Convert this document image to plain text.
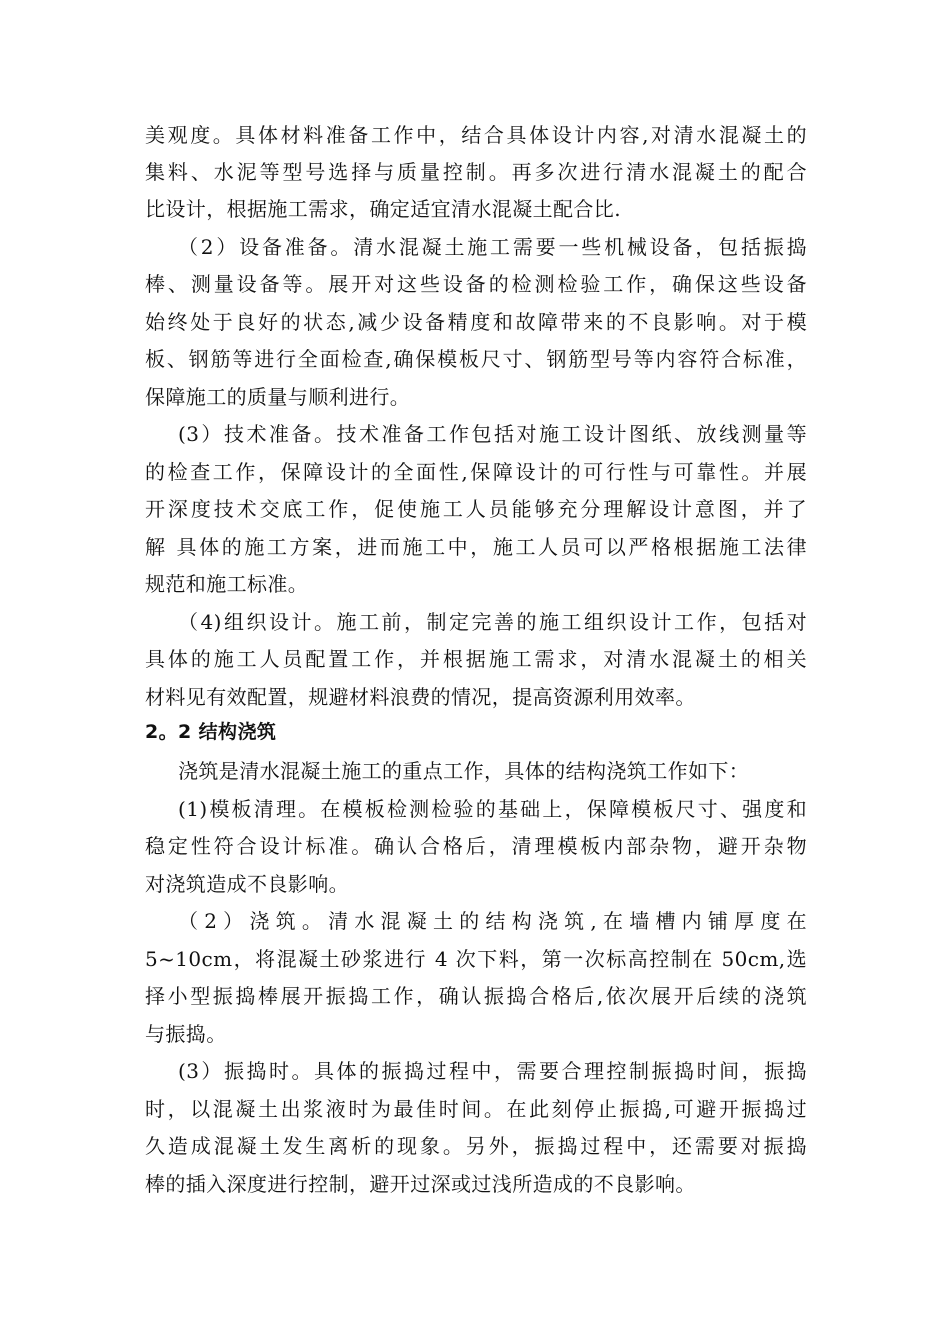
美观度。具体材料准备工作中，结合具体设计内容,对清水混凝土的
集料、水泥等型号选择与质量控制。再多次进行清水混凝土的配合
比设计，根据施工需求，确定适宜清水混凝土配合比.
（2）设备准备。清水混凝土施工需要一些机械设备，包括振捣
棒、测量设备等。展开对这些设备的检测检验工作，确保这些设备
始终处于良好的状态,减少设备精度和故障带来的不良影响。对于模
板、钢筋等进行全面检查,确保模板尺寸、钢筋型号等内容符合标准，
保障施工的质量与顺利进行。
(3）技术准备。技术准备工作包括对施工设计图纸、放线测量等
的检查工作，保障设计的全面性,保障设计的可行性与可靠性。并展
开深度技术交底工作，促使施工人员能够充分理解设计意图，并了
解 具体的施工方案，进而施工中，施工人员可以严格根据施工法律
规范和施工标准。
（4)组织设计。施工前，制定完善的施工组织设计工作，包括对
具体的施工人员配置工作，并根据施工需求，对清水混凝土的相关
材料见有效配置，规避材料浪费的情况，提高资源利用效率。
2。2 结构浇筑
浇筑是清水混凝土施工的重点工作，具体的结构浇筑工作如下：
(1)模板清理。在模板检测检验的基础上，保障模板尺寸、强度和
稳定性符合设计标准。确认合格后，清理模板内部杂物，避开杂物
对浇筑造成不良影响。
（2）浇筑。清水混凝土的结构浇筑,在墙槽内铺厚度在
5~10cm，将混凝土砂浆进行 4 次下料，第一次标高控制在 50cm,选
择小型振捣棒展开振捣工作，确认振捣合格后,依次展开后续的浇筑
与振捣。
(3）振捣时。具体的振捣过程中，需要合理控制振捣时间，振捣
时，以混凝土出浆液时为最佳时间。在此刻停止振捣,可避开振捣过
久造成混凝土发生离析的现象。另外，振捣过程中，还需要对振捣
棒的插入深度进行控制，避开过深或过浅所造成的不良影响。
